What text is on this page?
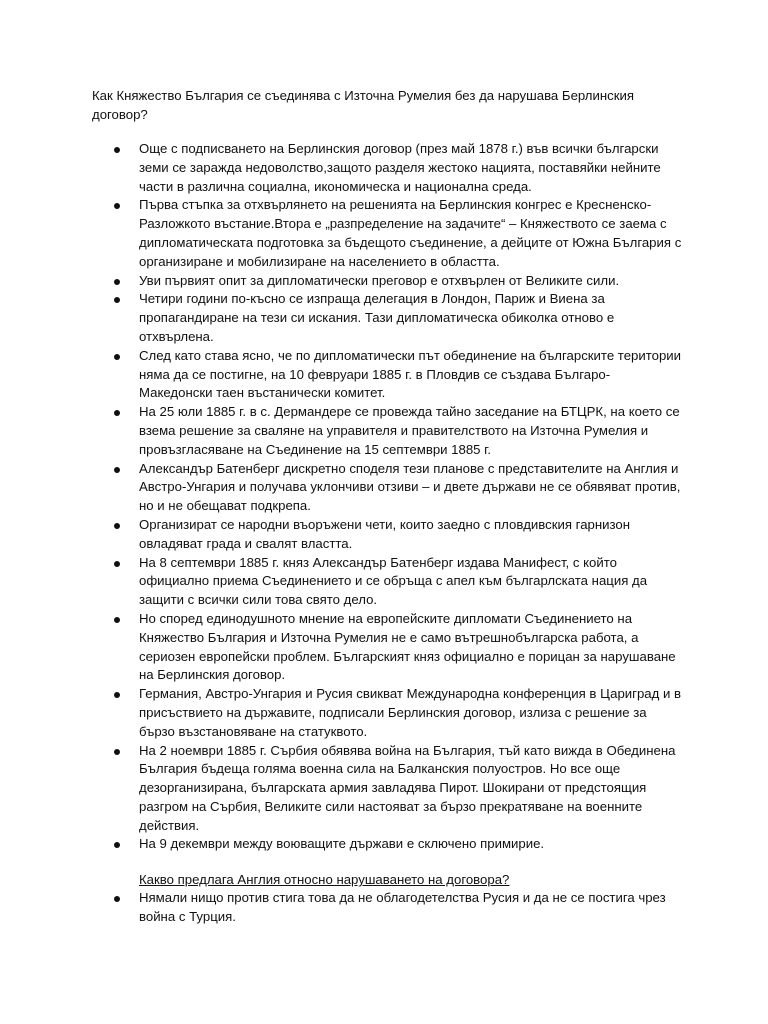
Как Княжество България се съединява с Източна Румелия без да нарушава Берлинския договор?

Още с подписването на Берлинския договор (през май 1878 г.) във всички български земи се заражда недоволство,защото разделя жестоко нацията, поставяйки нейните части в различна социална, икономическа и национална среда.
Първа стъпка за отхвърлянето на решенията на Берлинския конгрес е Кресненско-Разложкото въстание.Втора е „разпределение на задачите“ – Княжеството се заема с дипломатическата подготовка за бъдещото съединение, а дейците от Южна България с организиране и мобилизиране на населението в областта.
Уви първият опит за дипломатически преговор е отхвърлен от Великите сили.
Четири години по-късно се изпраща делегация в Лондон, Париж и Виена за пропагандиране на тези си искания. Тази дипломатическа обиколка отново е отхвърлена.
След като става ясно, че по дипломатически път обединение на българските територии няма да се постигне, на 10 февруари 1885 г. в Пловдив се създава Българо-Македонски таен въстанически комитет.
На 25 юли 1885 г. в с. Дермандере се провежда тайно заседание на БТЦРК, на което се взема решение за сваляне на управителя и правителството на Източна Румелия и провъзгласяване на Съединение на 15 септември 1885 г.
Александър Батенберг дискретно споделя тези планове с представителите на Англия и Австро-Унгария и получава уклончиви отзиви – и двете държави не се обявяват против, но и не обещават подкрепа.
Организират се народни въоръжени чети, които заедно с пловдивския гарнизон овладяват града и свалят властта.
На 8 септември 1885 г. княз Александър Батенберг издава Манифест, с който официално приема Съединението и се обръща с апел към българлската нация да защити с всички сили това свято дело.
Но според единодушното мнение на европейските дипломати Съединението на Княжество България и Източна Румелия не е само вътрешнобългарска работа, а сериозен европейски проблем. Българският княз официално е порицан за нарушаване на Берлинския договор.
Германия, Австро-Унгария и Русия свикват Международна конференция в Цариград и в присъствието на държавите, подписали Берлинския договор, излиза с решение за бързо възстановяване на статуквото.
На 2 ноември 1885 г. Сърбия обявява война на България, тъй като вижда в Обединена България бъдеща голяма военна сила на Балканския полуостров. Но все още дезорганизирана, българската армия завладява Пирот. Шокирани от предстоящия разгром на Сърбия, Великите сили настояват за бързо прекратяване на военните действия.
На 9 декември между воюващите държави е сключено примирие.

Какво предлага Англия относно нарушаването на договора?

Нямали нищо против стига това да не облагодетелства Русия и да не се постига чрез война с Турция.
